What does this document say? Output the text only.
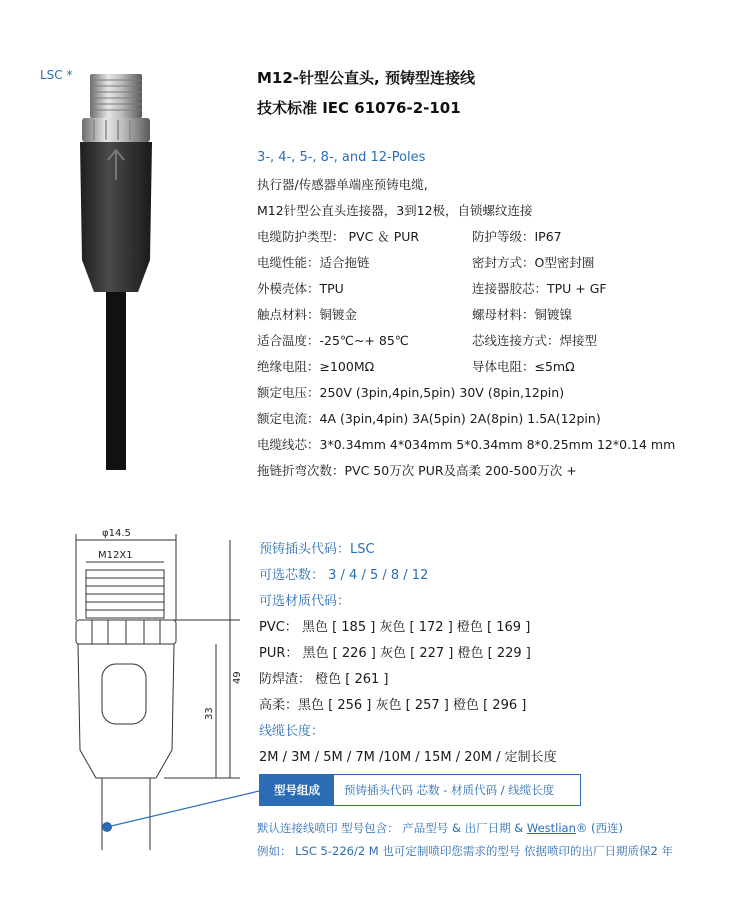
LSC *	M12-针型公直头, 预铸型连接线
技术标准 IEC 61076-2-101
3-, 4-, 5-, 8-, and 12-Poles
执行器/传感器单端座预铸电缆,
M12针型公直头连接器，3到12极，自锁螺纹连接
电缆防护类型： PVC ＆ PUR	防护等级：IP67
电缆性能：适合拖链	密封方式：O型密封圈
外模壳体：TPU	连接器胶芯：TPU + GF
触点材料：铜镀金	螺母材料：铜镀镍
适合温度：-25℃~+ 85℃	芯线连接方式：焊接型
绝缘电阻：≥100MΩ	导体电阻：≤5mΩ
额定电压：250V (3pin,4pin,5pin) 30V (8pin,12pin)
额定电流：4A (3pin,4pin) 3A(5pin) 2A(8pin) 1.5A(12pin)
电缆线芯：3*0.34mm 4*034mm 5*0.34mm 8*0.25mm 12*0.14 mm
拖链折弯次数：PVC 50万次 PUR及高柔 200-500万次 +
φ14.5
M12X1
49
33
预铸插头代码：LSC
可选芯数： 3 / 4 / 5 / 8 / 12
可选材质代码：
PVC： 黑色 [ 185 ] 灰色 [ 172 ] 橙色 [ 169 ]
PUR： 黑色 [ 226 ] 灰色 [ 227 ] 橙色 [ 229 ]
防焊渣： 橙色 [ 261 ]
高柔：黑色 [ 256 ] 灰色 [ 257 ] 橙色 [ 296 ]
线缆长度：
2M / 3M / 5M / 7M /10M / 15M / 20M / 定制长度
型号组成	预铸插头代码 芯数 - 材质代码 / 线缆长度
默认连接线喷印 型号包含： 产品型号 & 出厂日期 & Westlian® (西连)
例如： LSC 5-226/2 M 也可定制喷印您需求的型号 依据喷印的出厂日期质保2 年
